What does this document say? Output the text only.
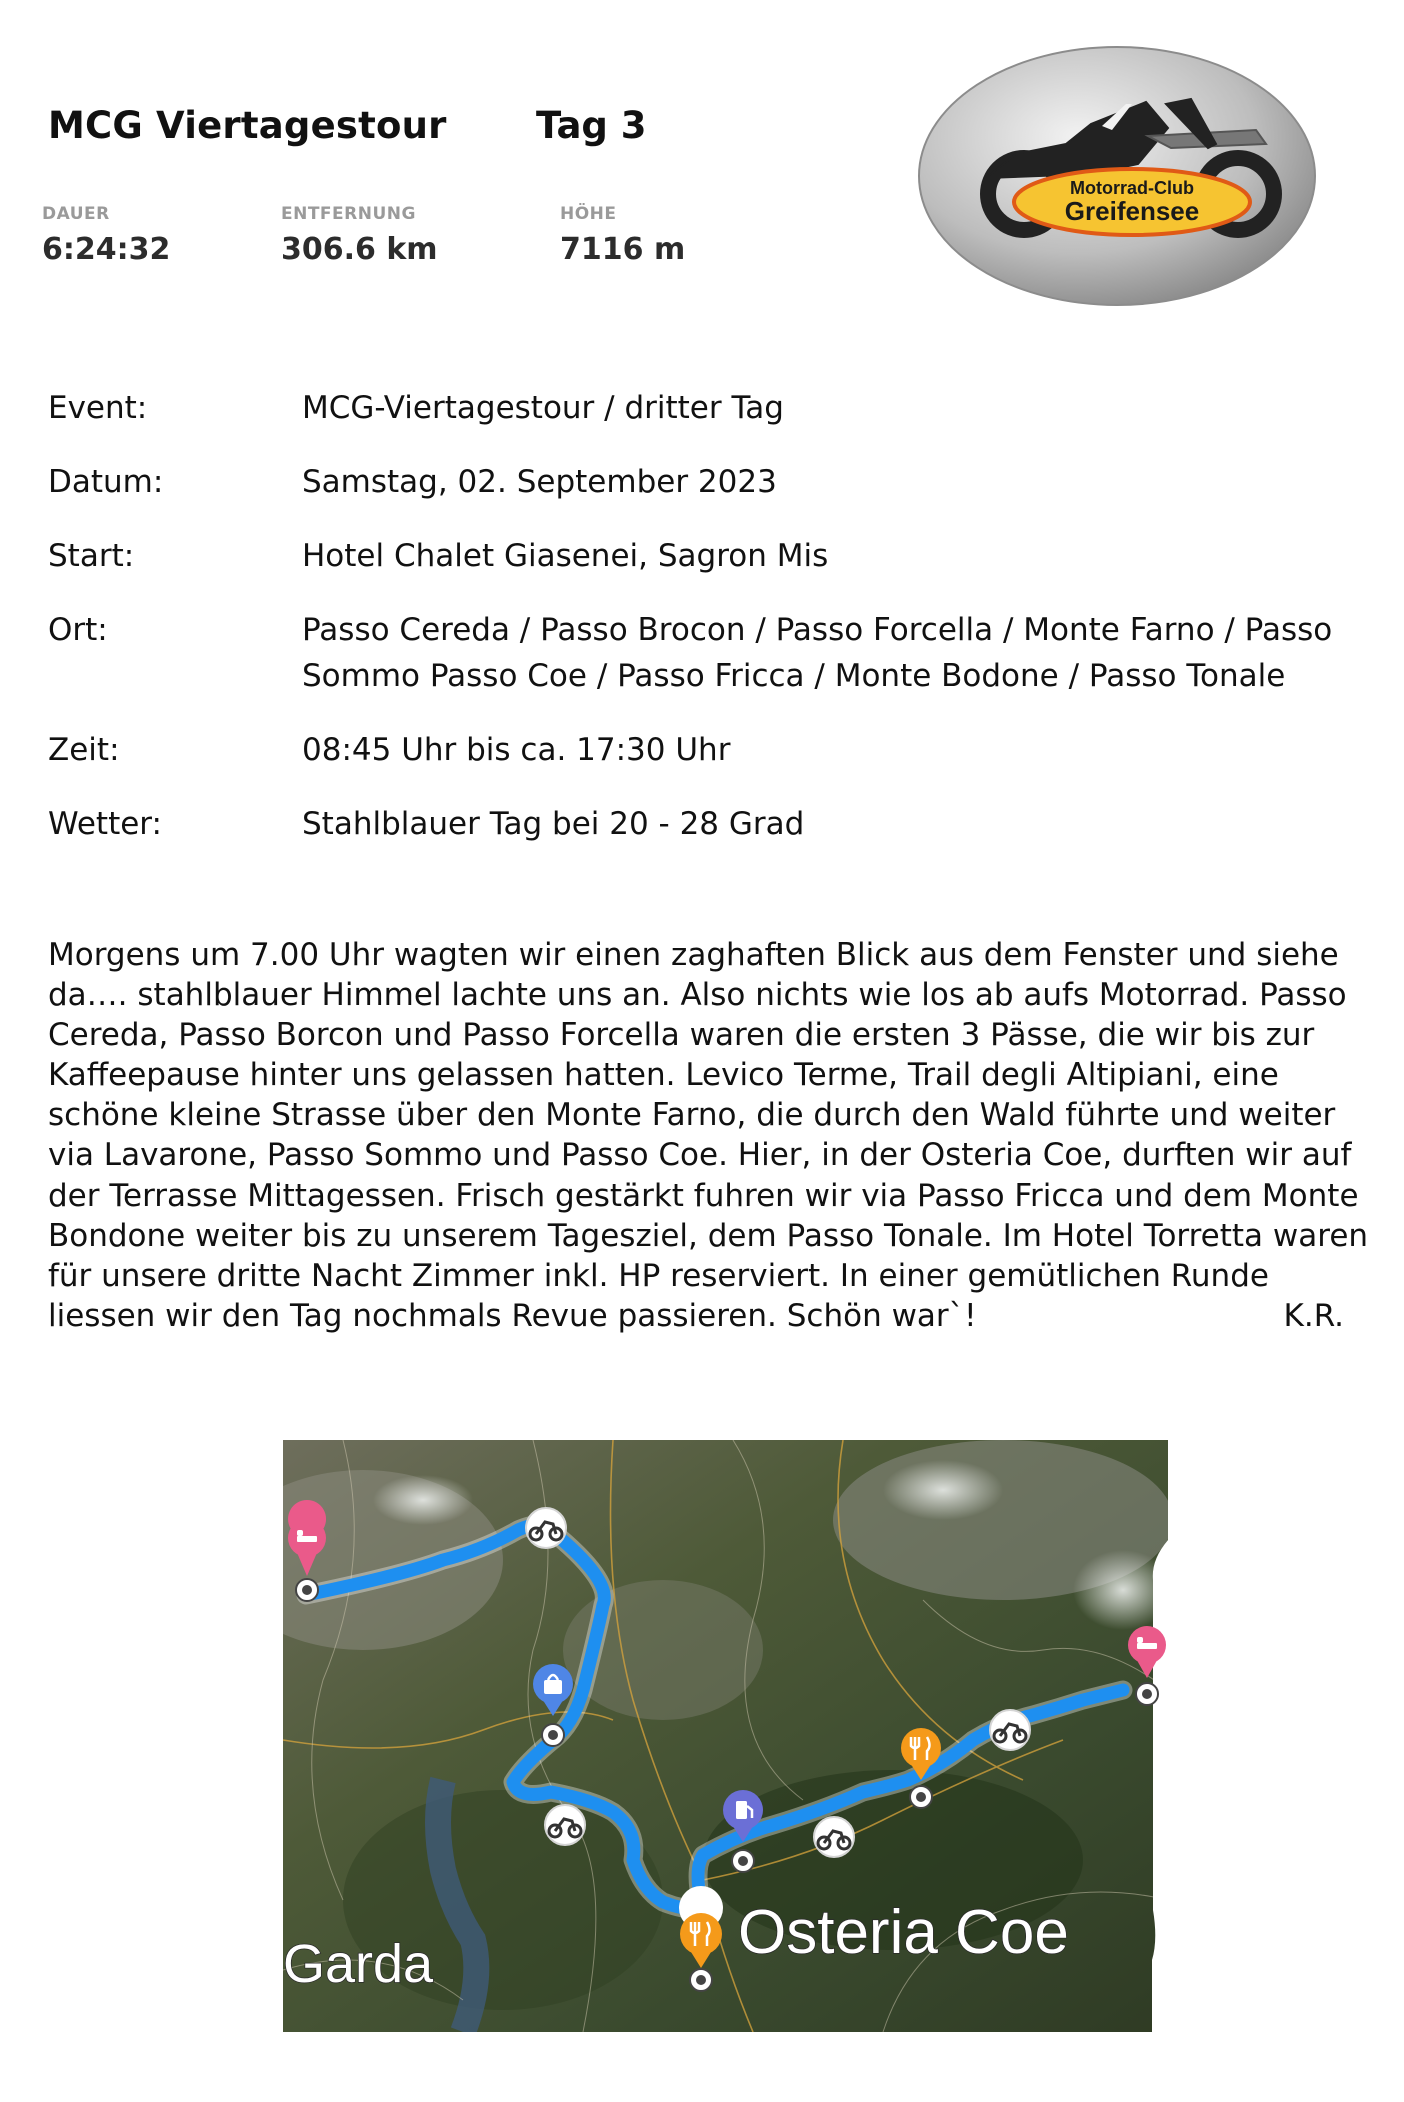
MCG Viertagestour Tag 3
DAUER
6:24:32
ENTFERNUNG
306.6 km
HÖHE
7116 m
Motorrad-Club
Greifensee
Event:	MCG-Viertagestour / dritter Tag
Datum:	Samstag, 02. September 2023
Start:	Hotel Chalet Giasenei, Sagron Mis
Ort:	Passo Cereda / Passo Brocon / Passo Forcella / Monte Farno / Passo Sommo Passo Coe / Passo Fricca / Monte Bodone / Passo Tonale
Zeit:	08:45 Uhr bis ca. 17:30 Uhr
Wetter:	Stahlblauer Tag bei 20 - 28 Grad
Morgens um 7.00 Uhr wagten wir einen zaghaften Blick aus dem Fenster und siehe da…. stahlblauer Himmel lachte uns an. Also nichts wie los ab aufs Motorrad. Passo Cereda, Passo Borcon und Passo Forcella waren die ersten 3 Pässe, die wir bis zur Kaffeepause hinter uns gelassen hatten. Levico Terme, Trail degli Altipiani, eine schöne kleine Strasse über den Monte Farno, die durch den Wald führte und weiter via Lavarone, Passo Sommo und Passo Coe. Hier, in der Osteria Coe, durften wir auf der Terrasse Mittagessen. Frisch gestärkt fuhren wir via Passo Fricca und dem Monte Bondone weiter bis zu unserem Tagesziel, dem Passo Tonale. Im Hotel Torretta waren für unsere dritte Nacht Zimmer inkl. HP reserviert. In einer gemütlichen Runde liessen wir den Tag nochmals Revue passieren. Schön war`!	K.R.
Garda	Osteria Coe
